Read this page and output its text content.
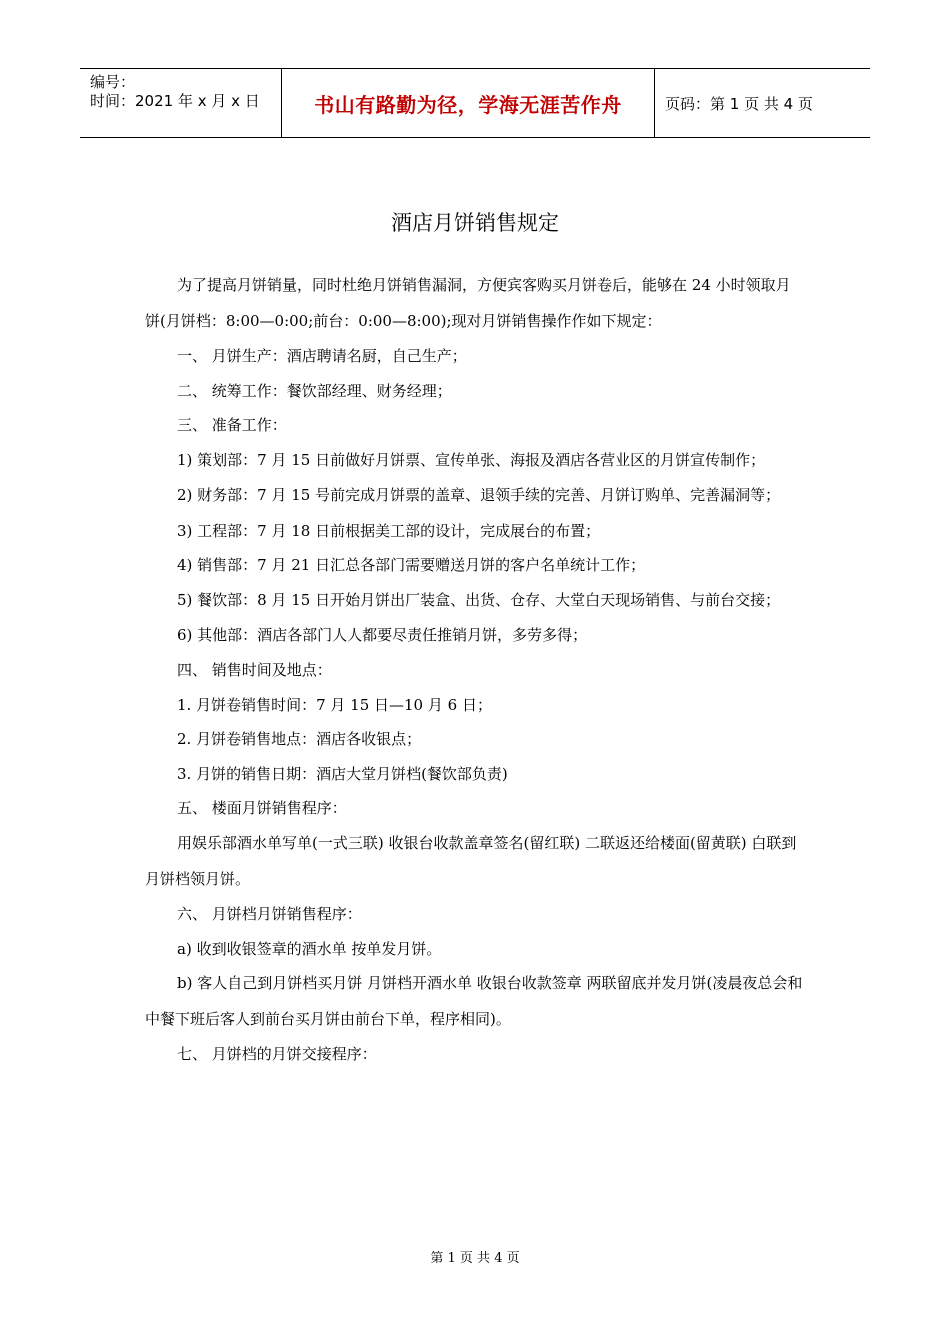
编号：
时间：2021 年 x 月 x 日	书山有路勤为径，学海无涯苦作舟	页码：第 1 页 共 4 页
酒店月饼销售规定
为了提高月饼销量，同时杜绝月饼销售漏洞，方便宾客购买月饼卷后，能够在 24 小时领取月饼(月饼档：8:00—0:00;前台：0:00—8:00);现对月饼销售操作作如下规定：
一、 月饼生产：酒店聘请名厨，自己生产；
二、 统筹工作：餐饮部经理、财务经理；
三、 准备工作：
1) 策划部：7 月 15 日前做好月饼票、宣传单张、海报及酒店各营业区的月饼宣传制作；
2) 财务部：7 月 15 号前完成月饼票的盖章、退领手续的完善、月饼订购单、完善漏洞等；
3) 工程部：7 月 18 日前根据美工部的设计，完成展台的布置；
4) 销售部：7 月 21 日汇总各部门需要赠送月饼的客户名单统计工作；
5) 餐饮部：8 月 15 日开始月饼出厂装盒、出货、仓存、大堂白天现场销售、与前台交接；
6) 其他部：酒店各部门人人都要尽责任推销月饼，多劳多得；
四、 销售时间及地点：
1. 月饼卷销售时间：7 月 15 日—10 月 6 日；
2. 月饼卷销售地点：酒店各收银点；
3. 月饼的销售日期：酒店大堂月饼档(餐饮部负责)
五、 楼面月饼销售程序：
用娱乐部酒水单写单(一式三联) 收银台收款盖章签名(留红联) 二联返还给楼面(留黄联) 白联到月饼档领月饼。
六、 月饼档月饼销售程序：
a) 收到收银签章的酒水单 按单发月饼。
b) 客人自己到月饼档买月饼 月饼档开酒水单 收银台收款签章 两联留底并发月饼(凌晨夜总会和中餐下班后客人到前台买月饼由前台下单，程序相同)。
七、 月饼档的月饼交接程序：
第 1 页 共 4 页
